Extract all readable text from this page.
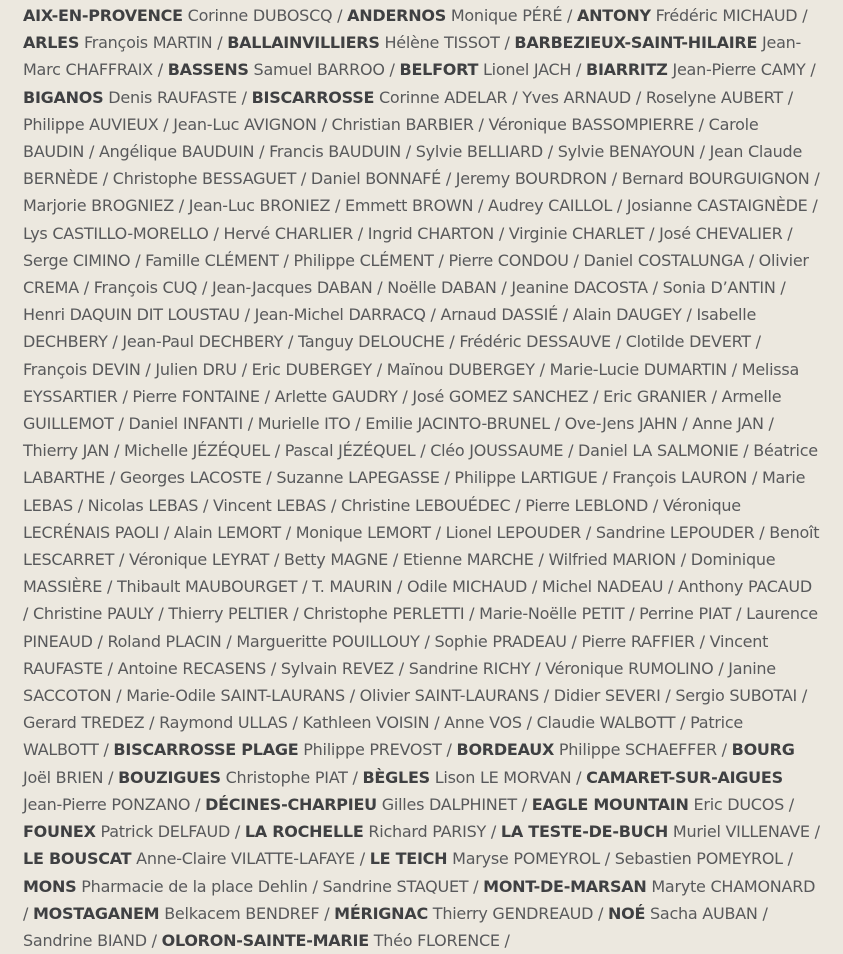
AIX-EN-PROVENCE Corinne DUBOSCQ / ANDERNOS Monique PÉRÉ / ANTONY Frédéric MICHAUD / ARLES François MARTIN / BALLAINVILLIERS Hélène TISSOT / BARBEZIEUX-SAINT-HILAIRE Jean-Marc CHAFFRAIX / BASSENS Samuel BARROO / BELFORT Lionel JACH / BIARRITZ Jean-Pierre CAMY / BIGANOS Denis RAUFASTE / BISCARROSSE Corinne ADELAR / Yves ARNAUD / Roselyne AUBERT / Philippe AUVIEUX / Jean-Luc AVIGNON / Christian BARBIER / Véronique BASSOMPIERRE / Carole BAUDIN / Angélique BAUDUIN / Francis BAUDUIN / Sylvie BELLIARD / Sylvie BENAYOUN / Jean Claude BERNÈDE / Christophe BESSAGUET / Daniel BONNAFÉ / Jeremy BOURDRON / Bernard BOURGUIGNON / Marjorie BROGNIEZ / Jean-Luc BRONIEZ / Emmett BROWN / Audrey CAILLOL / Josianne CASTAIGNÈDE / Lys CASTILLO-MORELLO / Hervé CHARLIER / Ingrid CHARTON / Virginie CHARLET / José CHEVALIER / Serge CIMINO / Famille CLÉMENT / Philippe CLÉMENT / Pierre CONDOU / Daniel COSTALUNGA / Olivier CREMA / François CUQ / Jean-Jacques DABAN / Noëlle DABAN / Jeanine DACOSTA / Sonia D’ANTIN / Henri DAQUIN DIT LOUSTAU / Jean-Michel DARRACQ / Arnaud DASSIÉ / Alain DAUGEY / Isabelle DECHBERY / Jean-Paul DECHBERY / Tanguy DELOUCHE / Frédéric DESSAUVE / Clotilde DEVERT / François DEVIN / Julien DRU / Eric DUBERGEY / Maïnou DUBERGEY / Marie-Lucie DUMARTIN / Melissa EYSSARTIER / Pierre FONTAINE / Arlette GAUDRY / José GOMEZ SANCHEZ / Eric GRANIER / Armelle GUILLEMOT / Daniel INFANTI / Murielle ITO / Emilie JACINTO-BRUNEL / Ove-Jens JAHN / Anne JAN / Thierry JAN / Michelle JÉZÉQUEL / Pascal JÉZÉQUEL / Cléo JOUSSAUME / Daniel LA SALMONIE / Béatrice LABARTHE / Georges LACOSTE / Suzanne LAPEGASSE / Philippe LARTIGUE / François LAURON / Marie LEBAS / Nicolas LEBAS / Vincent LEBAS / Christine LEBOUÉDEC / Pierre LEBLOND / Véronique LECRÉNAIS PAOLI / Alain LEMORT / Monique LEMORT / Lionel LEPOUDER / Sandrine LEPOUDER / Benoît LESCARRET / Véronique LEYRAT / Betty MAGNE / Etienne MARCHE / Wilfried MARION / Dominique MASSIÈRE / Thibault MAUBOURGET / T. MAURIN / Odile MICHAUD / Michel NADEAU / Anthony PACAUD / Christine PAULY / Thierry PELTIER / Christophe PERLETTI / Marie-Noëlle PETIT / Perrine PIAT / Laurence PINEAUD / Roland PLACIN / Margueritte POUILLOUY / Sophie PRADEAU / Pierre RAFFIER / Vincent RAUFASTE / Antoine RECASENS / Sylvain REVEZ / Sandrine RICHY / Véronique RUMOLINO / Janine SACCOTON / Marie-Odile SAINT-LAURANS / Olivier SAINT-LAURANS / Didier SEVERI / Sergio SUBOTAI / Gerard TREDEZ / Raymond ULLAS / Kathleen VOISIN / Anne VOS / Claudie WALBOTT / Patrice WALBOTT / BISCARROSSE PLAGE Philippe PREVOST / BORDEAUX Philippe SCHAEFFER / BOURG Joël BRIEN / BOUZIGUES Christophe PIAT / BÈGLES Lison LE MORVAN / CAMARET-SUR-AIGUES Jean-Pierre PONZANO / DÉCINES-CHARPIEU Gilles DALPHINET / EAGLE MOUNTAIN Eric DUCOS / FOUNEX Patrick DELFAUD / LA ROCHELLE Richard PARISY / LA TESTE-DE-BUCH Muriel VILLENAVE / LE BOUSCAT Anne-Claire VILATTE-LAFAYE / LE TEICH Maryse POMEYROL / Sebastien POMEYROL / MONS Pharmacie de la place Dehlin / Sandrine STAQUET / MONT-DE-MARSAN Maryte CHAMONARD / MOSTAGANEM Belkacem BENDREF / MÉRIGNAC Thierry GENDREAUD / NOÉ Sacha AUBAN / Sandrine BIAND / OLORON-SAINTE-MARIE Théo FLORENCE /
